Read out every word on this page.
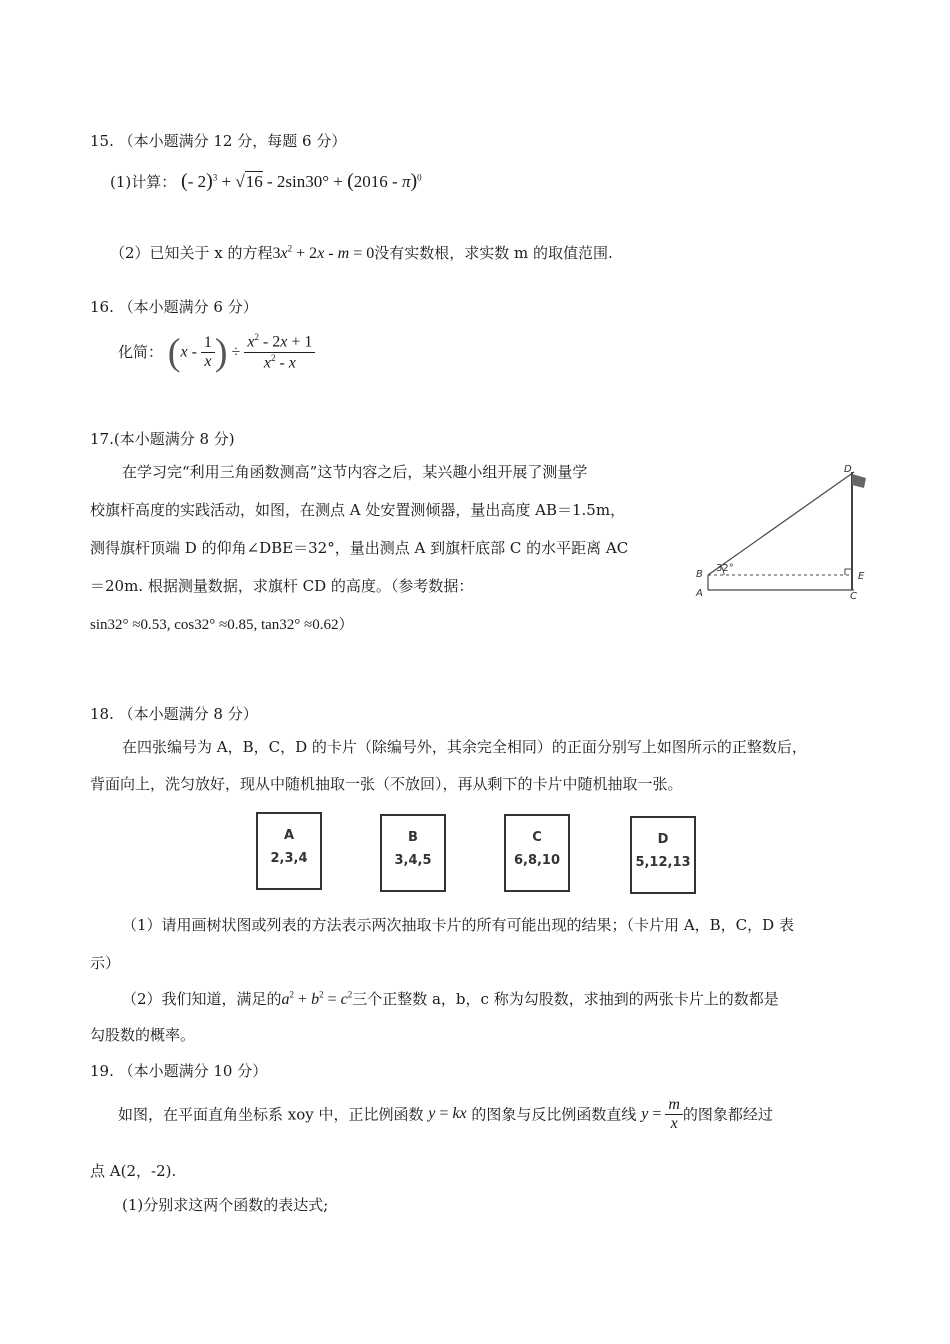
15. （本小题满分 12 分，每题 6 分）
(1)计算： (- 2)$^3$ + √16 - 2sin30° + (2016 - π)$^0$
（2）已知关于 x 的方程$3x^2 + 2x - m = 0$没有实数根，求实数 m 的取值范围.
16. （本小题满分 6 分）
化简： ($x - \frac{1}{x}$ ) ÷ $\frac{x^2 - 2x + 1}{x^2 - x}$
17.(本小题满分 8 分)
在学习完“利用三角函数测高”这节内容之后，某兴趣小组开展了测量学
校旗杆高度的实践活动，如图，在测点 A 处安置测倾器，量出高度 AB＝1.5m，
测得旗杆顶端 D 的仰角∠DBE＝32°，量出测点 A 到旗杆底部 C 的水平距离 AC
＝20m. 根据测量数据，求旗杆 CD 的高度。（参考数据：
sin32° ≈0.53, cos32° ≈0.85, tan32° ≈0.62）
32°
D
E
B
A	C
18. （本小题满分 8 分）
在四张编号为 A，B，C，D 的卡片（除编号外，其余完全相同）的正面分别写上如图所示的正整数后，
背面向上，洗匀放好，现从中随机抽取一张（不放回），再从剩下的卡片中随机抽取一张。
A
2,3,4
B
3,4,5
C
6,8,10
D
5,12,13
（1）请用画树状图或列表的方法表示两次抽取卡片的所有可能出现的结果；（卡片用 A，B，C，D 表
示）
（2）我们知道，满足的$a^2 + b^2 = c^2$三个正整数 a，b，c 称为勾股数，求抽到的两张卡片上的数都是
勾股数的概率。
19. （本小题满分 10 分）
如图，在平面直角坐标系 xoy 中，正比例函数 y = kx 的图象与反比例函数直线 $y = \frac{m}{x}$ 的图象都经过
点 A(2，-2).
(1)分别求这两个函数的表达式;
